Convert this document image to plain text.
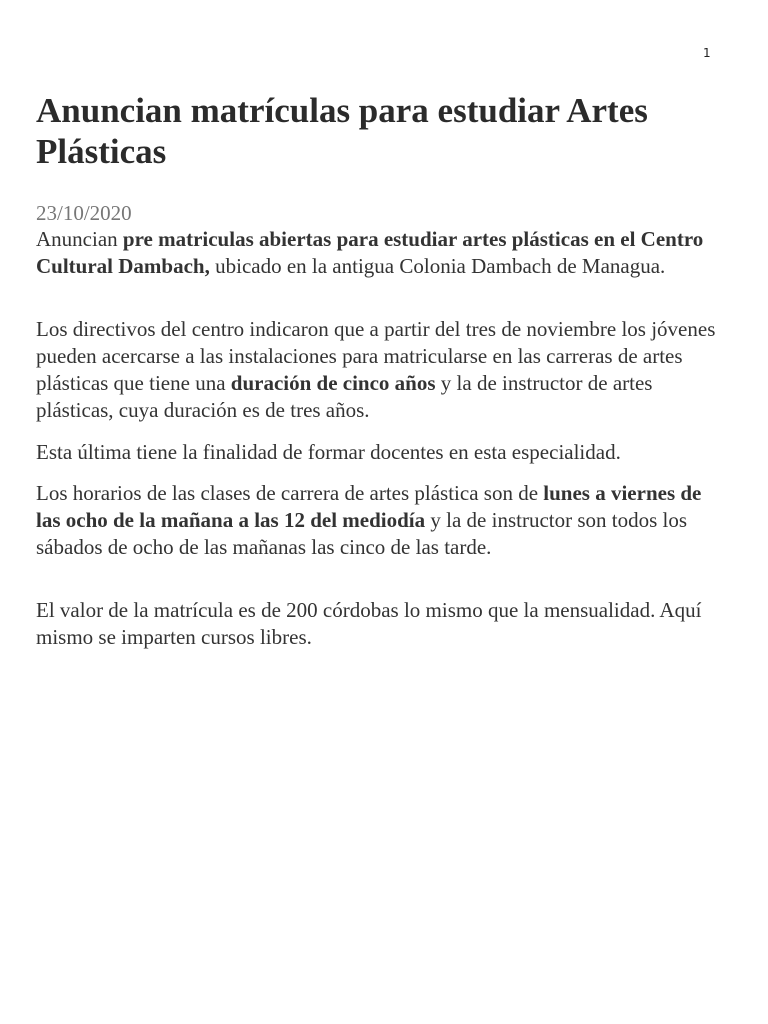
1
Anuncian matrículas para estudiar Artes Plásticas
23/10/2020

Anuncian pre matriculas abiertas para estudiar artes plásticas en el Centro Cultural Dambach, ubicado en la antigua Colonia Dambach de Managua.

Los directivos del centro indicaron que a partir del tres de noviembre los jóvenes pueden acercarse a las instalaciones para matricularse en las carreras de artes plásticas que tiene una duración de cinco años y la de instructor de artes plásticas, cuya duración es de tres años.

Esta última tiene la finalidad de formar docentes en esta especialidad.

Los horarios de las clases de carrera de artes plástica son de lunes a viernes de las ocho de la mañana a las 12 del mediodía y la de instructor son todos los sábados de ocho de las mañanas las cinco de las tarde.

El valor de la matrícula es de 200 córdobas lo mismo que la mensualidad. Aquí mismo se imparten cursos libres.
